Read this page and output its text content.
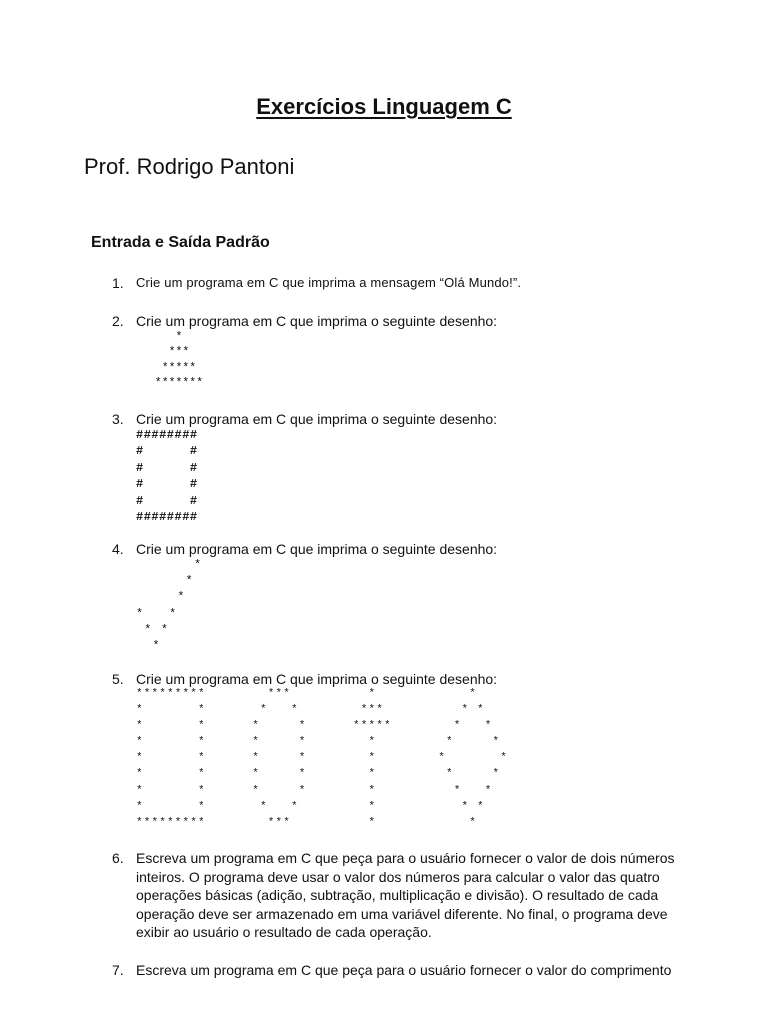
Exercícios Linguagem C
Prof. Rodrigo Pantoni
Entrada e Saída Padrão
1. Crie um programa em C que imprima a mensagem “Olá Mundo!”.
2. Crie um programa em C que imprima o seguinte desenho:
*
***
*****
*******
3. Crie um programa em C que imprima o seguinte desenho:
########
#      #
#      #
#      #
#      #
########
4. Crie um programa em C que imprima o seguinte desenho:
*
*
*
*   *
* *
*
5. Crie um programa em C que imprima o seguinte desenho:
*********        ***          *            *
*       *       *   *        ***          * *
*       *      *     *      *****        *   *
*       *      *     *        *         *     *
*       *      *     *        *        *       *
*       *      *     *        *         *     *
*       *      *     *        *          *   *
*       *       *   *         *           * *
*********        ***          *            *
6. Escreva um programa em C que peça para o usuário fornecer o valor de dois números inteiros. O programa deve usar o valor dos números para calcular o valor das quatro operações básicas (adição, subtração, multiplicação e divisão). O resultado de cada operação deve ser armazenado em uma variável diferente. No final, o programa deve exibir ao usuário o resultado de cada operação.
7. Escreva um programa em C que peça para o usuário fornecer o valor do comprimento
